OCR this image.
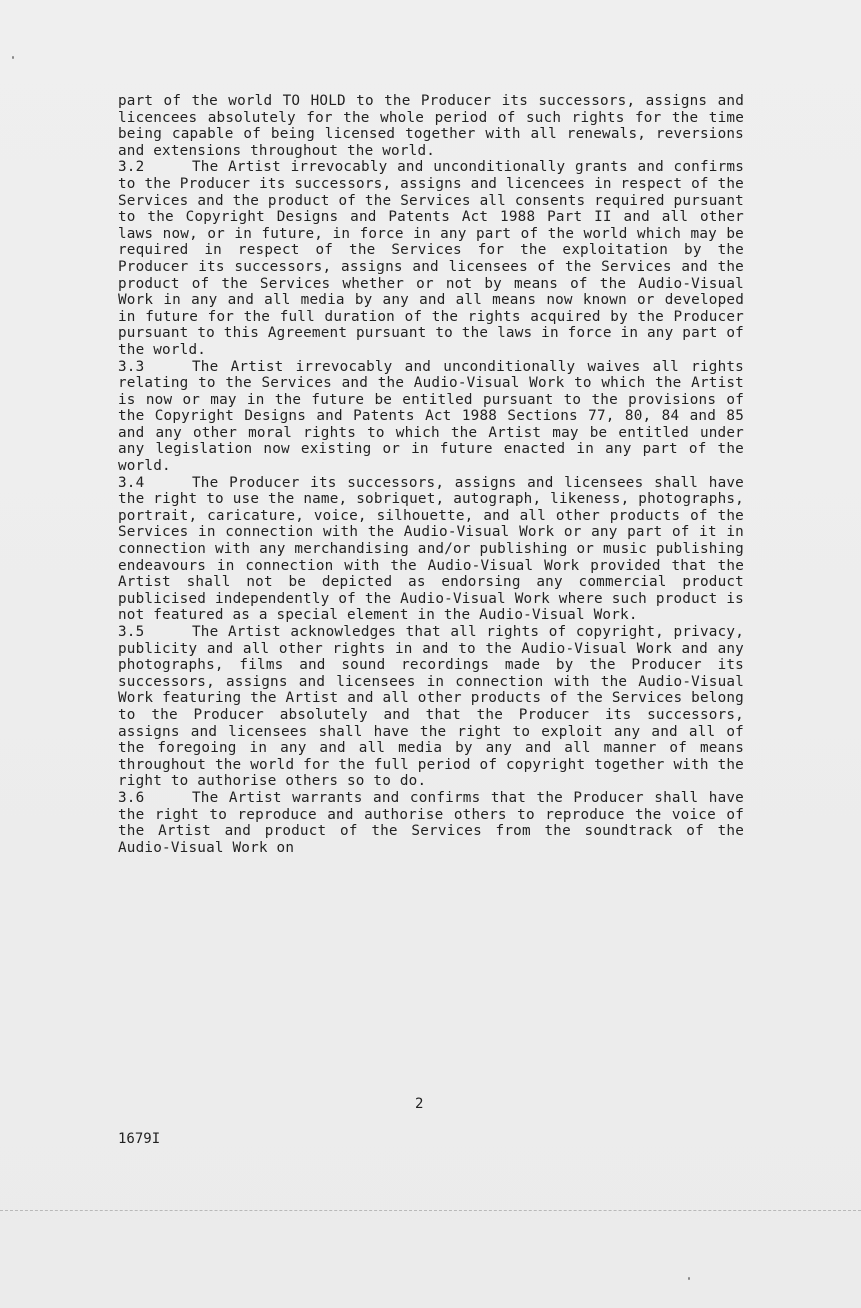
part of the world TO HOLD to the Producer its successors, assigns and licencees absolutely for the whole period of such rights for the time being capable of being licensed together with all renewals, reversions and extensions throughout the world.

3.2	The Artist irrevocably and unconditionally grants and confirms to the Producer its successors, assigns and licencees in respect of the Services and the product of the Services all consents required pursuant to the Copyright Designs and Patents Act 1988 Part II and all other laws now, or in future, in force in any part of the world which may be required in respect of the Services for the exploitation by the Producer its successors, assigns and licensees of the Services and the product of the Services whether or not by means of the Audio-Visual Work in any and all media by any and all means now known or developed in future for the full duration of the rights acquired by the Producer pursuant to this Agreement pursuant to the laws in force in any part of the world.

3.3	The Artist irrevocably and unconditionally waives all rights relating to the Services and the Audio-Visual Work to which the Artist is now or may in the future be entitled pursuant to the provisions of the Copyright Designs and Patents Act 1988 Sections 77, 80, 84 and 85 and any other moral rights to which the Artist may be entitled under any legislation now existing or in future enacted in any part of the world.

3.4	The Producer its successors, assigns and licensees shall have the right to use the name, sobriquet, autograph, likeness, photographs, portrait, caricature, voice, silhouette, and all other products of the Services in connection with the Audio-Visual Work or any part of it in connection with any merchandising and/or publishing or music publishing endeavours in connection with the Audio-Visual Work provided that the Artist shall not be depicted as endorsing any commercial product publicised independently of the Audio-Visual Work where such product is not featured as a special element in the Audio-Visual Work.

3.5	The Artist acknowledges that all rights of copyright, privacy, publicity and all other rights in and to the Audio-Visual Work and any photographs, films and sound recordings made by the Producer its successors, assigns and licensees in connection with the Audio-Visual Work featuring the Artist and all other products of the Services belong to the Producer absolutely and that the Producer its successors, assigns and licensees shall have the right to exploit any and all of the foregoing in any and all media by any and all manner of means throughout the world for the full period of copyright together with the right to authorise others so to do.

3.6	The Artist warrants and confirms that the Producer shall have the right to reproduce and authorise others to reproduce the voice of the Artist and product of the Services from the soundtrack of the Audio-Visual Work on

2
1679I
